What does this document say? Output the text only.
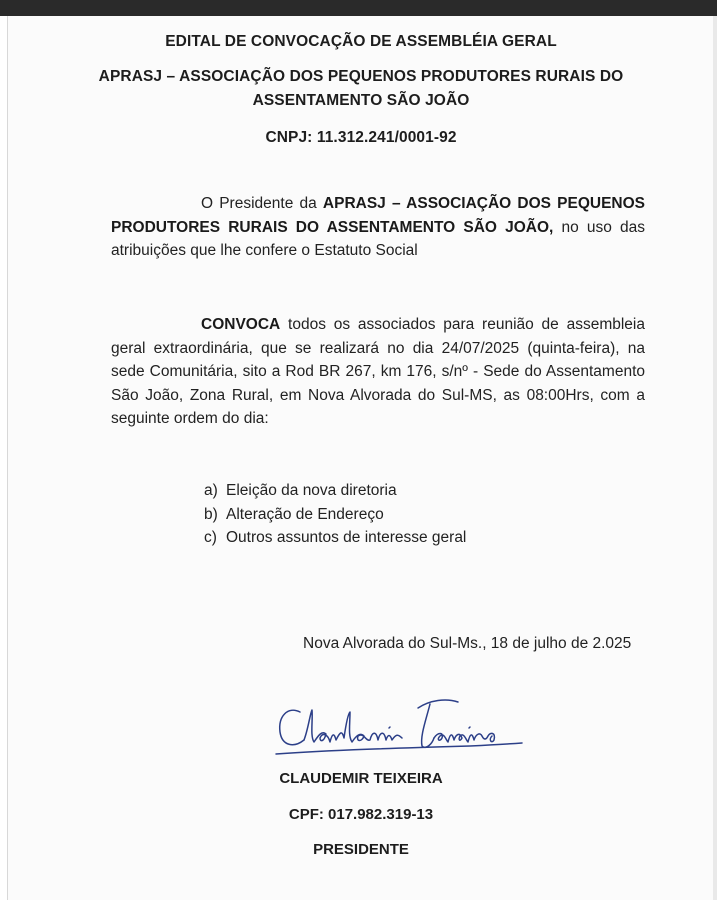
EDITAL DE CONVOCAÇÃO DE ASSEMBLÉIA GERAL
APRASJ – ASSOCIAÇÃO DOS PEQUENOS PRODUTORES RURAIS DO
ASSENTAMENTO SÃO JOÃO
CNPJ: 11.312.241/0001-92
O Presidente da APRASJ – ASSOCIAÇÃO DOS PEQUENOS PRODUTORES RURAIS DO ASSENTAMENTO SÃO JOÃO, no uso das atribuições que lhe confere o Estatuto Social
CONVOCA todos os associados para reunião de assembleia geral extraordinária, que se realizará no dia 24/07/2025 (quinta-feira), na sede Comunitária, sito a Rod BR 267, km 176, s/nº - Sede do Assentamento São João, Zona Rural, em Nova Alvorada do Sul-MS, as 08:00Hrs, com a seguinte ordem do dia:
a) Eleição da nova diretoria
b) Alteração de Endereço
c) Outros assuntos de interesse geral
Nova Alvorada do Sul-Ms., 18 de julho de 2.025
CLAUDEMIR TEIXEIRA
CPF: 017.982.319-13
PRESIDENTE
